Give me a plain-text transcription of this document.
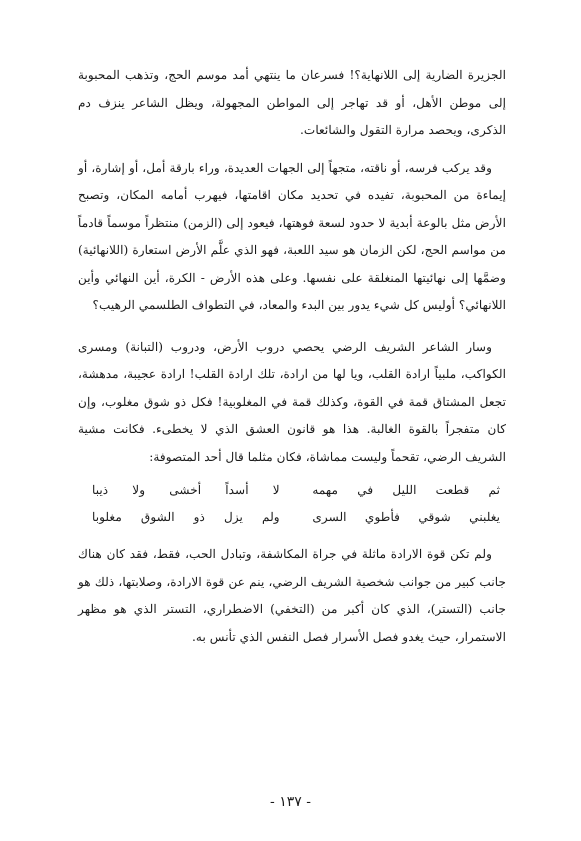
الجزيرة الضارية إلى اللانهاية؟! فسرعان ما ينتهي أمد موسم الحج، وتذهب المحبوبة إلى موطن الأهل، أو قد تهاجر إلى المواطن المجهولة، ويظل الشاعر ينزف دم الذكرى، ويحصد مرارة التقول والشائعات.

وقد يركب فرسه، أو ناقته، متجهاً إلى الجهات العديدة، وراء بارقة أمل، أو إشارة، أو إيماءة من المحبوبة، تفيده في تحديد مكان اقامتها، فيهرب أمامه المكان، وتصبح الأرض مثل بالوعة أبدية لا حدود لسعة فوهتها، فيعود إلى (الزمن) منتظراً موسماً قادماً من مواسم الحج، لكن الزمان هو سيد اللعبة، فهو الذي علَّم الأرض استعارة (اللانهائية) وضمَّها إلى نهائيتها المنغلقة على نفسها. وعلى هذه الأرض - الكرة، أين النهائي وأين اللانهائي؟ أوليس كل شيء يدور بين البدء والمعاد، في التطواف الطلسمي الرهيب؟

وسار الشاعر الشريف الرضي يحصي دروب الأرض، ودروب (التبانة) ومسرى الكواكب، ملبياً ارادة القلب، ويا لها من ارادة، تلك ارادة القلب! ارادة عجيبة، مدهشة، تجعل المشتاق قمة في القوة، وكذلك قمة في المغلوبية! فكل ذو شوق مغلوب، وإن كان متفجراً بالقوة الغالبة. هذا هو قانون العشق الذي لا يخطىء. فكانت مشية الشريف الرضي، تقحماً وليست مماشاة، فكان مثلما قال أحد المتصوفة:

ثم قطعت الليل في مهمه
لا أسداً أخشى ولا ذيبا
يغلبني شوقي فأطوي السرى
ولم يزل ذو الشوق مغلوبا

ولم تكن قوة الارادة ماثلة في جراة المكاشفة، وتبادل الحب، فقط، فقد كان هناك جانب كبير من جوانب شخصية الشريف الرضي، ينم عن قوة الارادة، وصلابتها، ذلك هو جانب (التستر)، الذي كان أكبر من (التخفي) الاضطراري، التستر الذي هو مظهر الاستمرار، حيث يغدو فصل الأسرار فصل النفس الذي تأنس به.

- ١٣٧ -
